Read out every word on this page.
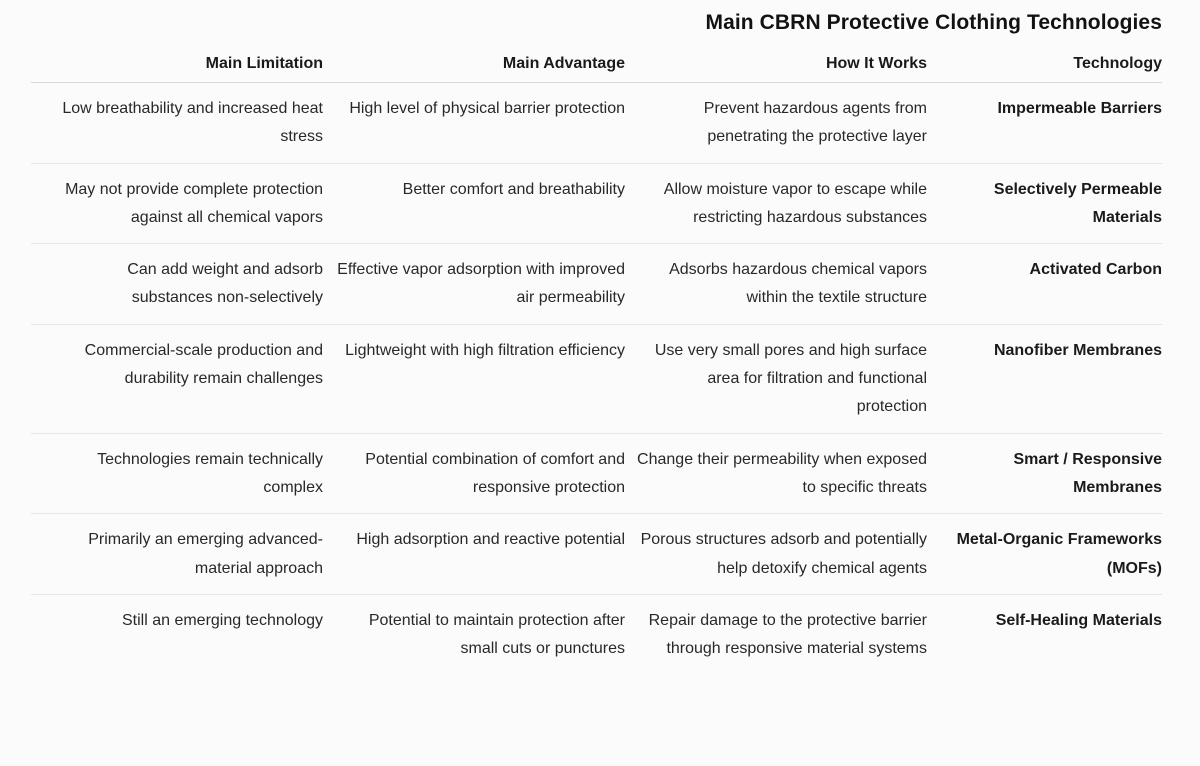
Main CBRN Protective Clothing Technologies
Main Limitation	Main Advantage	How It Works	Technology
Low breathability and increased heat stress	High level of physical barrier protection	Prevent hazardous agents from penetrating the protective layer	Impermeable Barriers
May not provide complete protection against all chemical vapors	Better comfort and breathability	Allow moisture vapor to escape while restricting hazardous substances	Selectively Permeable Materials
Can add weight and adsorb substances non-selectively	Effective vapor adsorption with improved air permeability	Adsorbs hazardous chemical vapors within the textile structure	Activated Carbon
Commercial-scale production and durability remain challenges	Lightweight with high filtration efficiency	Use very small pores and high surface area for filtration and functional protection	Nanofiber Membranes
Technologies remain technically complex	Potential combination of comfort and responsive protection	Change their permeability when exposed to specific threats	Smart / Responsive Membranes
Primarily an emerging advanced-material approach	High adsorption and reactive potential	Porous structures adsorb and potentially help detoxify chemical agents	Metal-Organic Frameworks (MOFs)
Still an emerging technology	Potential to maintain protection after small cuts or punctures	Repair damage to the protective barrier through responsive material systems	Self-Healing Materials
